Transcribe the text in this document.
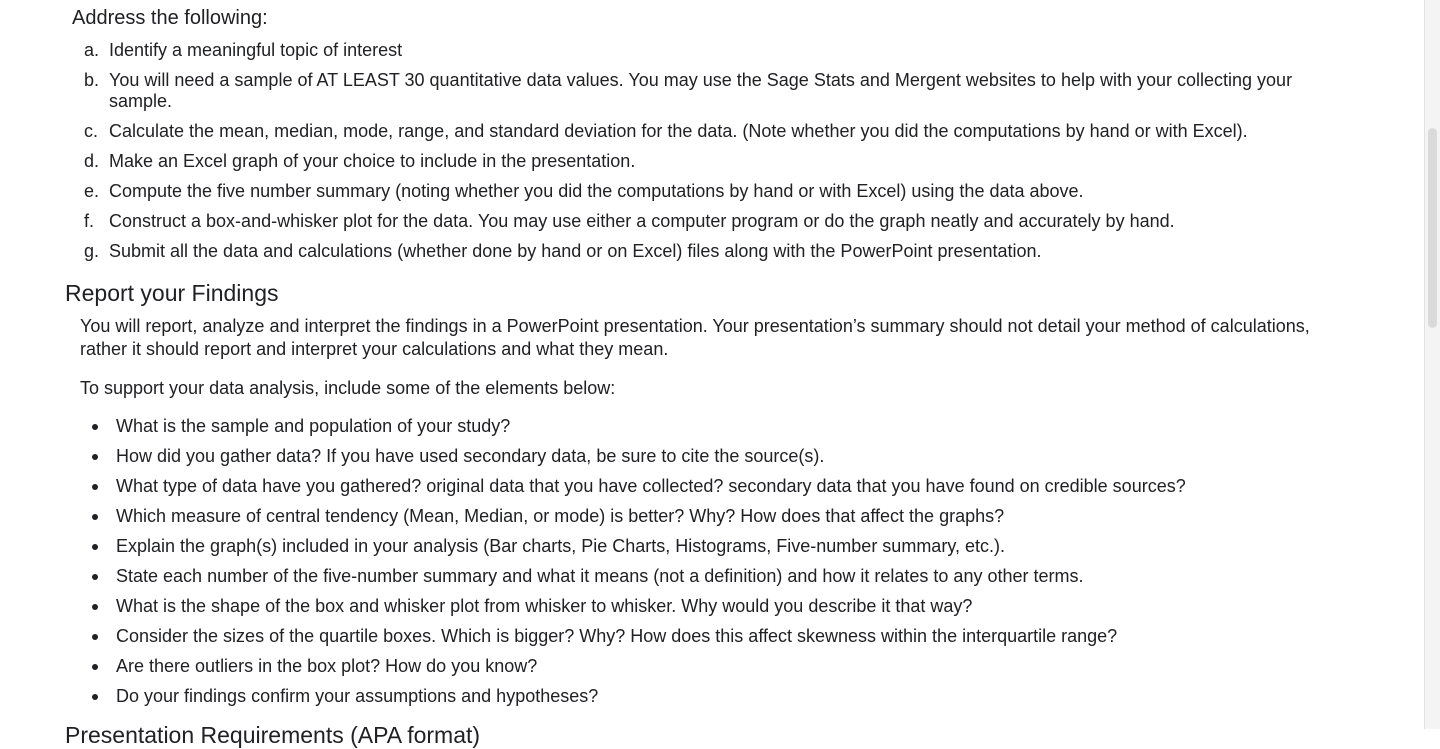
Address the following:
a. Identify a meaningful topic of interest
b. You will need a sample of AT LEAST 30 quantitative data values. You may use the Sage Stats and Mergent websites to help with your collecting your sample.
c. Calculate the mean, median, mode, range, and standard deviation for the data. (Note whether you did the computations by hand or with Excel).
d. Make an Excel graph of your choice to include in the presentation.
e. Compute the five number summary (noting whether you did the computations by hand or with Excel) using the data above.
f. Construct a box-and-whisker plot for the data. You may use either a computer program or do the graph neatly and accurately by hand.
g. Submit all the data and calculations (whether done by hand or on Excel) files along with the PowerPoint presentation.
Report your Findings

You will report, analyze and interpret the findings in a PowerPoint presentation. Your presentation’s summary should not detail your method of calculations, rather it should report and interpret your calculations and what they mean.

To support your data analysis, include some of the elements below:

What is the sample and population of your study?
How did you gather data? If you have used secondary data, be sure to cite the source(s).
What type of data have you gathered? original data that you have collected? secondary data that you have found on credible sources?
Which measure of central tendency (Mean, Median, or mode) is better? Why? How does that affect the graphs?
Explain the graph(s) included in your analysis (Bar charts, Pie Charts, Histograms, Five-number summary, etc.).
State each number of the five-number summary and what it means (not a definition) and how it relates to any other terms.
What is the shape of the box and whisker plot from whisker to whisker. Why would you describe it that way?
Consider the sizes of the quartile boxes. Which is bigger? Why? How does this affect skewness within the interquartile range?
Are there outliers in the box plot? How do you know?
Do your findings confirm your assumptions and hypotheses?
Presentation Requirements (APA format)
